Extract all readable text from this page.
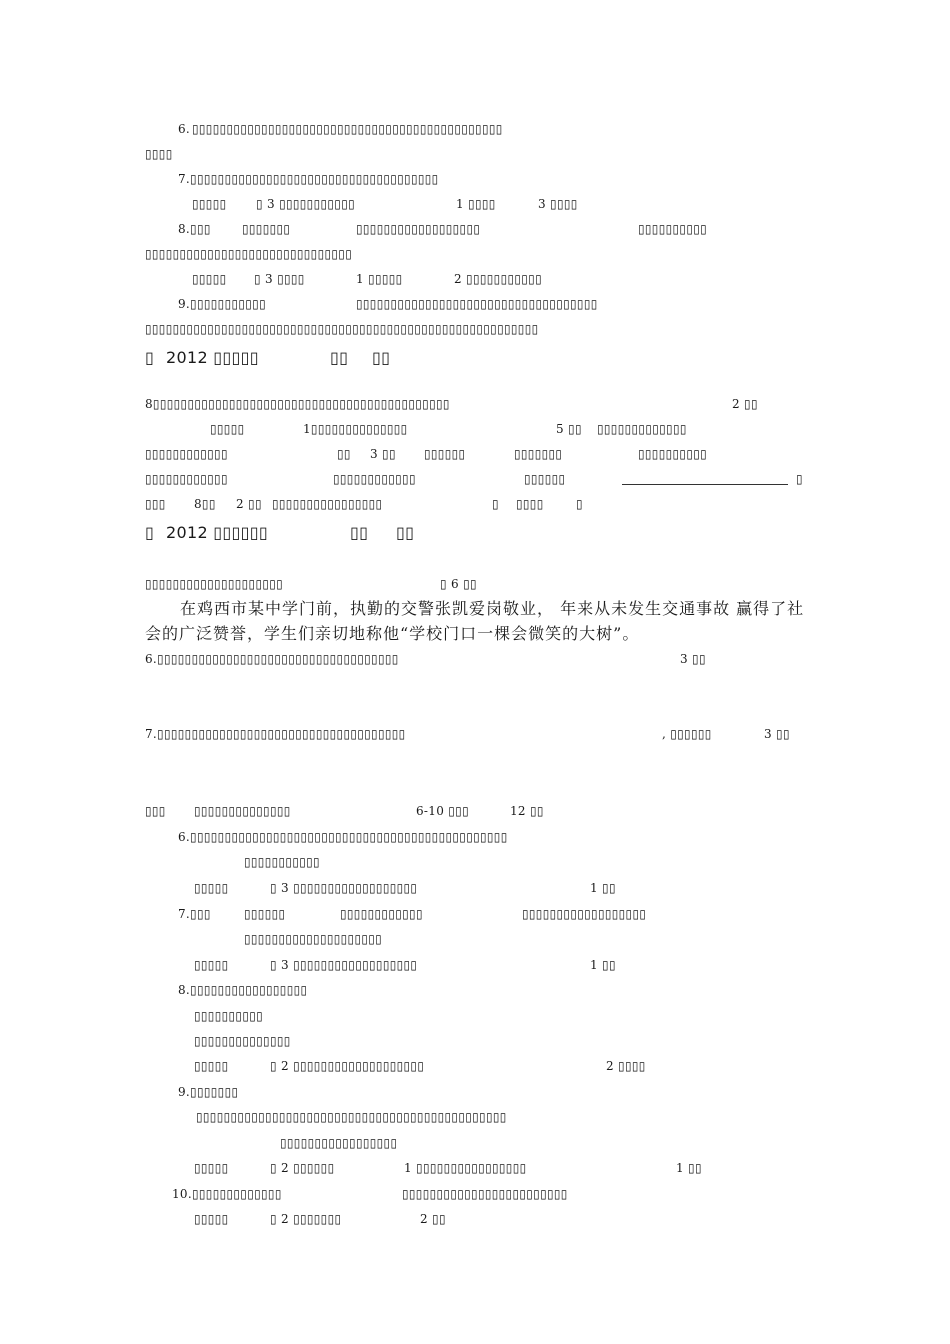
6. ▯▯▯▯▯▯▯▯▯▯▯▯▯▯▯▯▯▯▯▯▯▯▯▯▯▯▯▯▯▯▯▯▯▯▯▯▯▯▯▯▯▯▯▯▯
▯▯▯▯
7.▯▯▯▯▯▯▯▯▯▯▯▯▯▯▯▯▯▯▯▯▯▯▯▯▯▯▯▯▯▯▯▯▯▯▯▯
▯▯▯▯▯ ▯ 3 ▯▯▯▯▯▯▯▯▯▯▯	1 ▯▯▯▯	3 ▯▯▯▯
8.▯▯▯	▯▯▯▯▯▯▯	▯▯▯▯▯▯▯▯▯▯▯▯▯▯▯▯▯▯	▯▯▯▯▯▯▯▯▯▯
▯▯▯▯▯▯▯▯▯▯▯▯▯▯▯▯▯▯▯▯▯▯▯▯▯▯▯▯▯▯
▯▯▯▯▯ ▯ 3 ▯▯▯▯	1 ▯▯▯▯▯	2 ▯▯▯▯▯▯▯▯▯▯▯
9.▯▯▯▯▯▯▯▯▯▯▯	▯▯▯▯▯▯▯▯▯▯▯▯▯▯▯▯▯▯▯▯▯▯▯▯▯▯▯▯▯▯▯▯▯▯▯
▯▯▯▯▯▯▯▯▯▯▯▯▯▯▯▯▯▯▯▯▯▯▯▯▯▯▯▯▯▯▯▯▯▯▯▯▯▯▯▯▯▯▯▯▯▯▯▯▯▯▯▯▯▯▯▯▯
▯ 2012 ▯▯▯▯▯	▯▯ ▯▯
8▯▯▯▯▯▯▯▯▯▯▯▯▯▯▯▯▯▯▯▯▯▯▯▯▯▯▯▯▯▯▯▯▯▯▯▯▯▯▯▯▯▯▯	2 ▯▯
▯▯▯▯▯	1▯▯▯▯▯▯▯▯▯▯▯▯▯▯	5 ▯▯ ▯▯▯▯▯▯▯▯▯▯▯▯▯
▯▯▯▯▯▯▯▯▯▯▯▯	▯▯ 3 ▯▯ ▯▯▯▯▯▯	▯▯▯▯▯▯▯	▯▯▯▯▯▯▯▯▯▯
▯▯▯▯▯▯▯▯▯▯▯▯	▯▯▯▯▯▯▯▯▯▯▯▯	▯▯▯▯▯▯	▯
▯▯▯ 8▯▯ 2 ▯▯ ▯▯▯▯▯▯▯▯▯▯▯▯▯▯▯▯	▯ ▯▯▯▯	▯
▯ 2012 ▯▯▯▯▯▯	▯▯ ▯▯
▯▯▯▯▯▯▯▯▯▯▯▯▯▯▯▯▯▯▯▯	▯ 6 ▯▯
在鸡西市某中学门前，执勤的交警张凯爱岗敬业， 年来从未发生交通事故 赢得了社
会的广泛赞誉，学生们亲切地称他“学校门口一棵会微笑的大树”。
6.▯▯▯▯▯▯▯▯▯▯▯▯▯▯▯▯▯▯▯▯▯▯▯▯▯▯▯▯▯▯▯▯▯▯▯	3 ▯▯
7.▯▯▯▯▯▯▯▯▯▯▯▯▯▯▯▯▯▯▯▯▯▯▯▯▯▯▯▯▯▯▯▯▯▯▯▯	, ▯▯▯▯▯▯	3 ▯▯
▯▯▯ ▯▯▯▯▯▯▯▯▯▯▯▯▯▯	6-10 ▯▯▯	12 ▯▯
6.▯▯▯▯▯▯▯▯▯▯▯▯▯▯▯▯▯▯▯▯▯▯▯▯▯▯▯▯▯▯▯▯▯▯▯▯▯▯▯▯▯▯▯▯▯▯
▯▯▯▯▯▯▯▯▯▯▯
▯▯▯▯▯	▯ 3 ▯▯▯▯▯▯▯▯▯▯▯▯▯▯▯▯▯▯	1 ▯▯
7.▯▯▯	▯▯▯▯▯▯	▯▯▯▯▯▯▯▯▯▯▯▯	▯▯▯▯▯▯▯▯▯▯▯▯▯▯▯▯▯▯
▯▯▯▯▯▯▯▯▯▯▯▯▯▯▯▯▯▯▯▯
▯▯▯▯▯	▯ 3 ▯▯▯▯▯▯▯▯▯▯▯▯▯▯▯▯▯▯	1 ▯▯
8.▯▯▯▯▯▯▯▯▯▯▯▯▯▯▯▯▯
▯▯▯▯▯▯▯▯▯▯
▯▯▯▯▯▯▯▯▯▯▯▯▯▯
▯▯▯▯▯	▯ 2 ▯▯▯▯▯▯▯▯▯▯▯▯▯▯▯▯▯▯▯	2 ▯▯▯▯
9.▯▯▯▯▯▯▯
▯▯▯▯▯▯▯▯▯▯▯▯▯▯▯▯▯▯▯▯▯▯▯▯▯▯▯▯▯▯▯▯▯▯▯▯▯▯▯▯▯▯▯▯▯
▯▯▯▯▯▯▯▯▯▯▯▯▯▯▯▯▯
▯▯▯▯▯	▯ 2 ▯▯▯▯▯▯	1 ▯▯▯▯▯▯▯▯▯▯▯▯▯▯▯▯	1 ▯▯
10.▯▯▯▯▯▯▯▯▯▯▯▯▯	▯▯▯▯▯▯▯▯▯▯▯▯▯▯▯▯▯▯▯▯▯▯▯▯
▯▯▯▯▯	▯ 2 ▯▯▯▯▯▯▯	2 ▯▯
